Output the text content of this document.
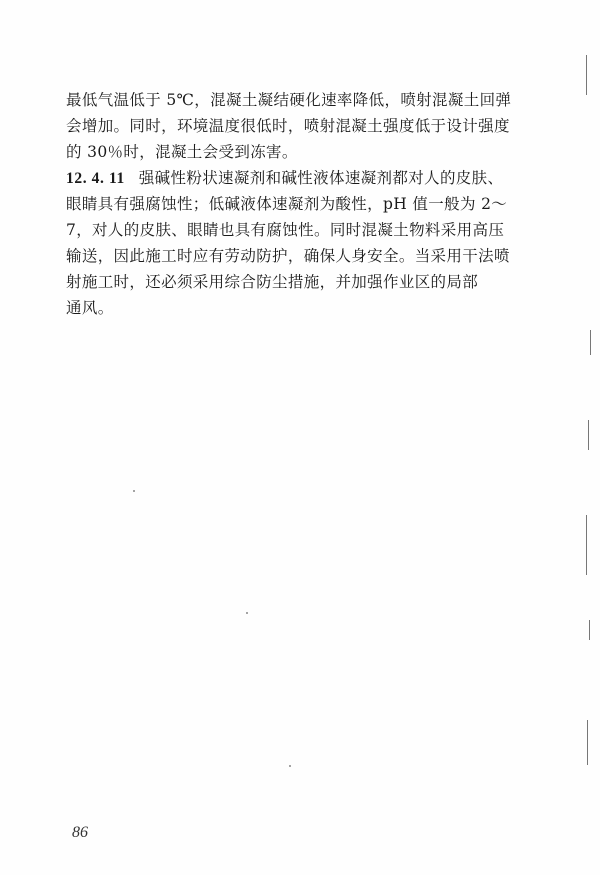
最低气温低于 5℃，混凝土凝结硬化速率降低，喷射混凝土回弹
会增加。同时，环境温度很低时，喷射混凝土强度低于设计强度
的 30％时，混凝土会受到冻害。
12. 4. 11 强碱性粉状速凝剂和碱性液体速凝剂都对人的皮肤、
眼睛具有强腐蚀性；低碱液体速凝剂为酸性，pH 值一般为 2～
7，对人的皮肤、眼睛也具有腐蚀性。同时混凝土物料采用高压
输送，因此施工时应有劳动防护，确保人身安全。当采用干法喷
射施工时，还必须采用综合防尘措施，并加强作业区的局部
通风。
86
